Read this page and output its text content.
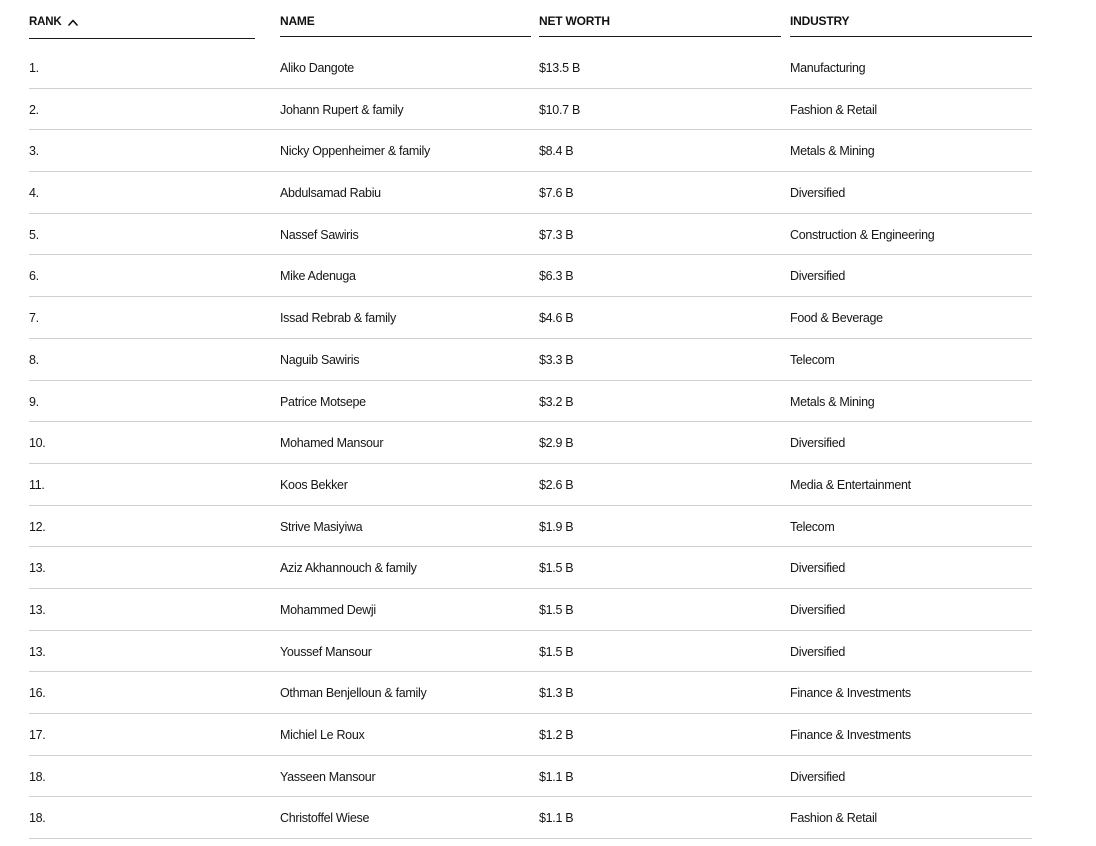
RANK	NAME	NET WORTH	INDUSTRY
1.	Aliko Dangote	$13.5 B	Manufacturing
2.	Johann Rupert & family	$10.7 B	Fashion & Retail
3.	Nicky Oppenheimer & family	$8.4 B	Metals & Mining
4.	Abdulsamad Rabiu	$7.6 B	Diversified
5.	Nassef Sawiris	$7.3 B	Construction & Engineering
6.	Mike Adenuga	$6.3 B	Diversified
7.	Issad Rebrab & family	$4.6 B	Food & Beverage
8.	Naguib Sawiris	$3.3 B	Telecom
9.	Patrice Motsepe	$3.2 B	Metals & Mining
10.	Mohamed Mansour	$2.9 B	Diversified
11.	Koos Bekker	$2.6 B	Media & Entertainment
12.	Strive Masiyiwa	$1.9 B	Telecom
13.	Aziz Akhannouch & family	$1.5 B	Diversified
13.	Mohammed Dewji	$1.5 B	Diversified
13.	Youssef Mansour	$1.5 B	Diversified
16.	Othman Benjelloun & family	$1.3 B	Finance & Investments
17.	Michiel Le Roux	$1.2 B	Finance & Investments
18.	Yasseen Mansour	$1.1 B	Diversified
18.	Christoffel Wiese	$1.1 B	Fashion & Retail
